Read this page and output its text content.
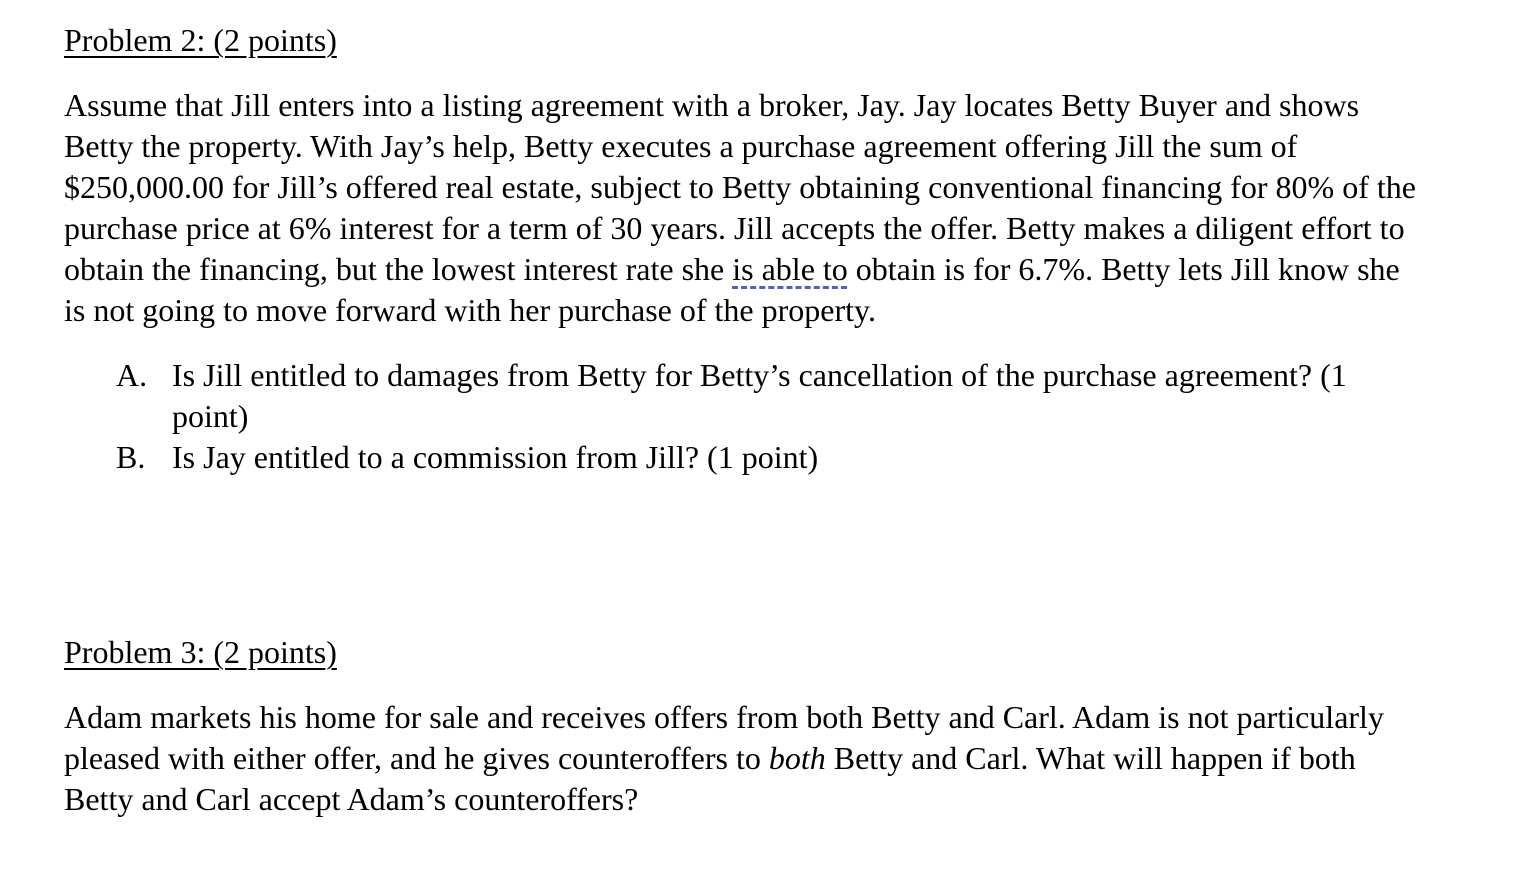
Problem 2: (2 points)

Assume that Jill enters into a listing agreement with a broker, Jay. Jay locates Betty Buyer and shows
Betty the property. With Jay’s help, Betty executes a purchase agreement offering Jill the sum of
$250,000.00 for Jill’s offered real estate, subject to Betty obtaining conventional financing for 80% of the
purchase price at 6% interest for a term of 30 years. Jill accepts the offer. Betty makes a diligent effort to
obtain the financing, but the lowest interest rate she is able to obtain is for 6.7%. Betty lets Jill know she
is not going to move forward with her purchase of the property.

A. Is Jill entitled to damages from Betty for Betty’s cancellation of the purchase agreement? (1
point)
B. Is Jay entitled to a commission from Jill? (1 point)
Problem 3: (2 points)

Adam markets his home for sale and receives offers from both Betty and Carl. Adam is not particularly
pleased with either offer, and he gives counteroffers to both Betty and Carl. What will happen if both
Betty and Carl accept Adam’s counteroffers?
